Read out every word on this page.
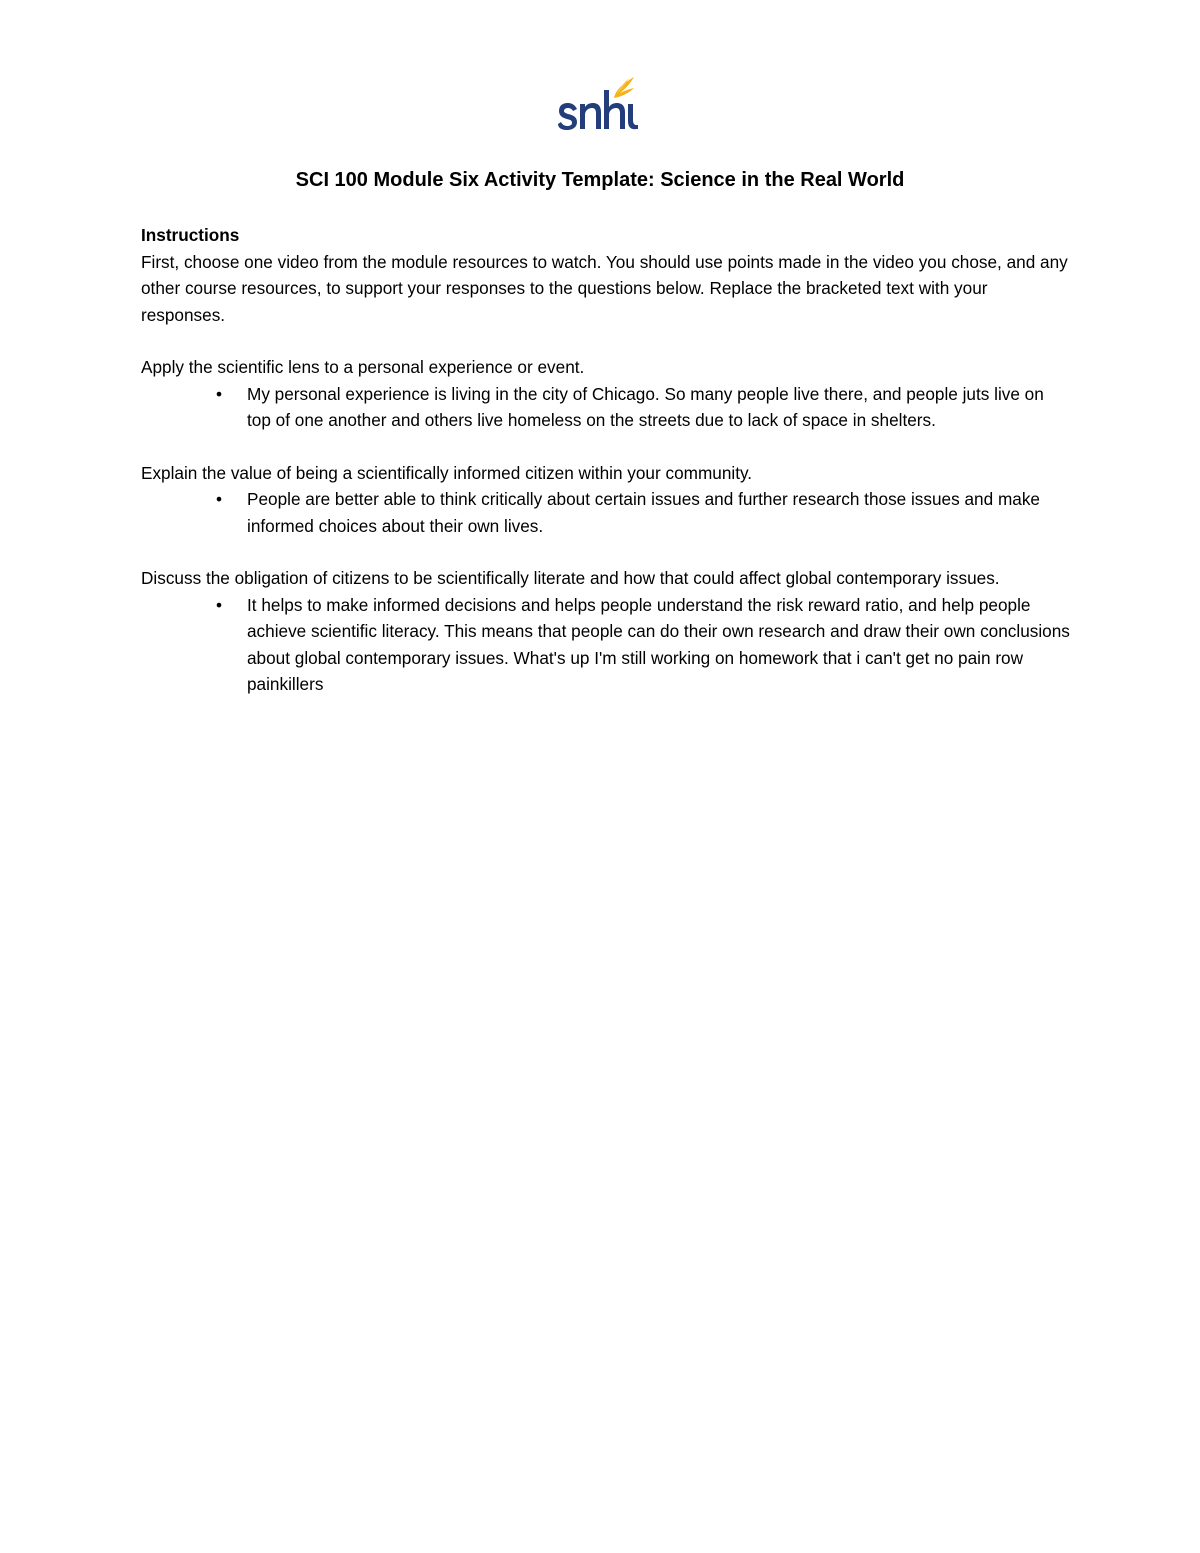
SCI 100 Module Six Activity Template: Science in the Real World

Instructions

First, choose one video from the module resources to watch. You should use points made in the video you chose, and any other course resources, to support your responses to the questions below. Replace the bracketed text with your responses.

Apply the scientific lens to a personal experience or event.

• My personal experience is living in the city of Chicago. So many people live there, and people juts live on top of one another and others live homeless on the streets due to lack of space in shelters.

Explain the value of being a scientifically informed citizen within your community.

• People are better able to think critically about certain issues and further research those issues and make informed choices about their own lives.

Discuss the obligation of citizens to be scientifically literate and how that could affect global contemporary issues.

• It helps to make informed decisions and helps people understand the risk reward ratio, and help people achieve scientific literacy. This means that people can do their own research and draw their own conclusions about global contemporary issues. What's up I'm still working on homework that i can't get no pain row painkillers
